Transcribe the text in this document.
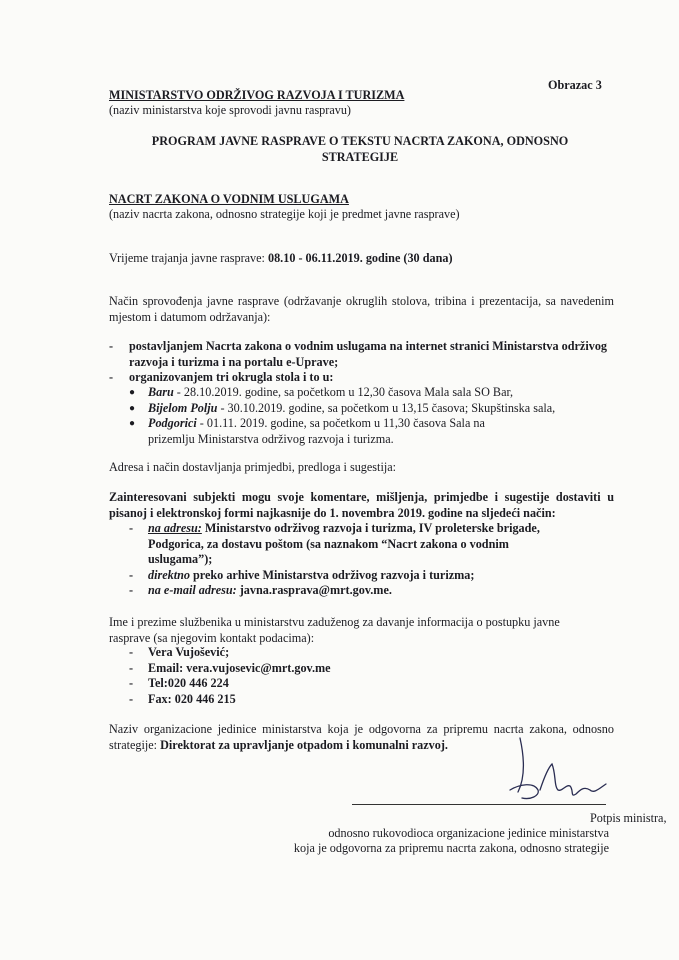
Obrazac 3
MINISTARSTVO ODRŽIVOG RAZVOJA I TURIZMA
(naziv ministarstva koje sprovodi javnu raspravu)
PROGRAM JAVNE RASPRAVE O TEKSTU NACRTA ZAKONA, ODNOSNO STRATEGIJE
NACRT ZAKONA O VODNIM USLUGAMA
(naziv nacrta zakona, odnosno strategije koji je predmet javne rasprave)
Vrijeme trajanja javne rasprave: 08.10 - 06.11.2019. godine (30 dana)
Način sprovođenja javne rasprave (održavanje okruglih stolova, tribina i prezentacija, sa navedenim mjestom i datumom održavanja):
- postavljanjem Nacrta zakona o vodnim uslugama na internet stranici Ministarstva održivog razvoja i turizma i na portalu e-Uprave;
- organizovanjem tri okrugla stola i to u:
● Baru - 28.10.2019. godine, sa početkom u 12,30 časova Mala sala SO Bar,
● Bijelom Polju - 30.10.2019. godine, sa početkom u 13,15 časova; Skupštinska sala,
● Podgorici - 01.11. 2019. godine, sa početkom u 11,30 časova Sala na prizemlju Ministarstva održivog razvoja i turizma.
Adresa i način dostavljanja primjedbi, predloga i sugestija:
Zainteresovani subjekti mogu svoje komentare, mišljenja, primjedbe i sugestije dostaviti u pisanoj i elektronskoj formi najkasnije do 1. novembra 2019. godine na sljedeći način:
- na adresu: Ministarstvo održivog razvoja i turizma, IV proleterske brigade, Podgorica, za dostavu poštom (sa naznakom “Nacrt zakona o vodnim uslugama”);
- direktno preko arhive Ministarstva održivog razvoja i turizma;
- na e-mail adresu: javna.rasprava@mrt.gov.me.
Ime i prezime službenika u ministarstvu zaduženog za davanje informacija o postupku javne rasprave (sa njegovim kontakt podacima):
- Vera Vujošević;
- Email: vera.vujosevic@mrt.gov.me
- Tel:020 446 224
- Fax: 020 446 215
Naziv organizacione jedinice ministarstva koja je odgovorna za pripremu nacrta zakona, odnosno strategije: Direktorat za upravljanje otpadom i komunalni razvoj.
Potpis ministra,
odnosno rukovodioca organizacione jedinice ministarstva
koja je odgovorna za pripremu nacrta zakona, odnosno strategije
